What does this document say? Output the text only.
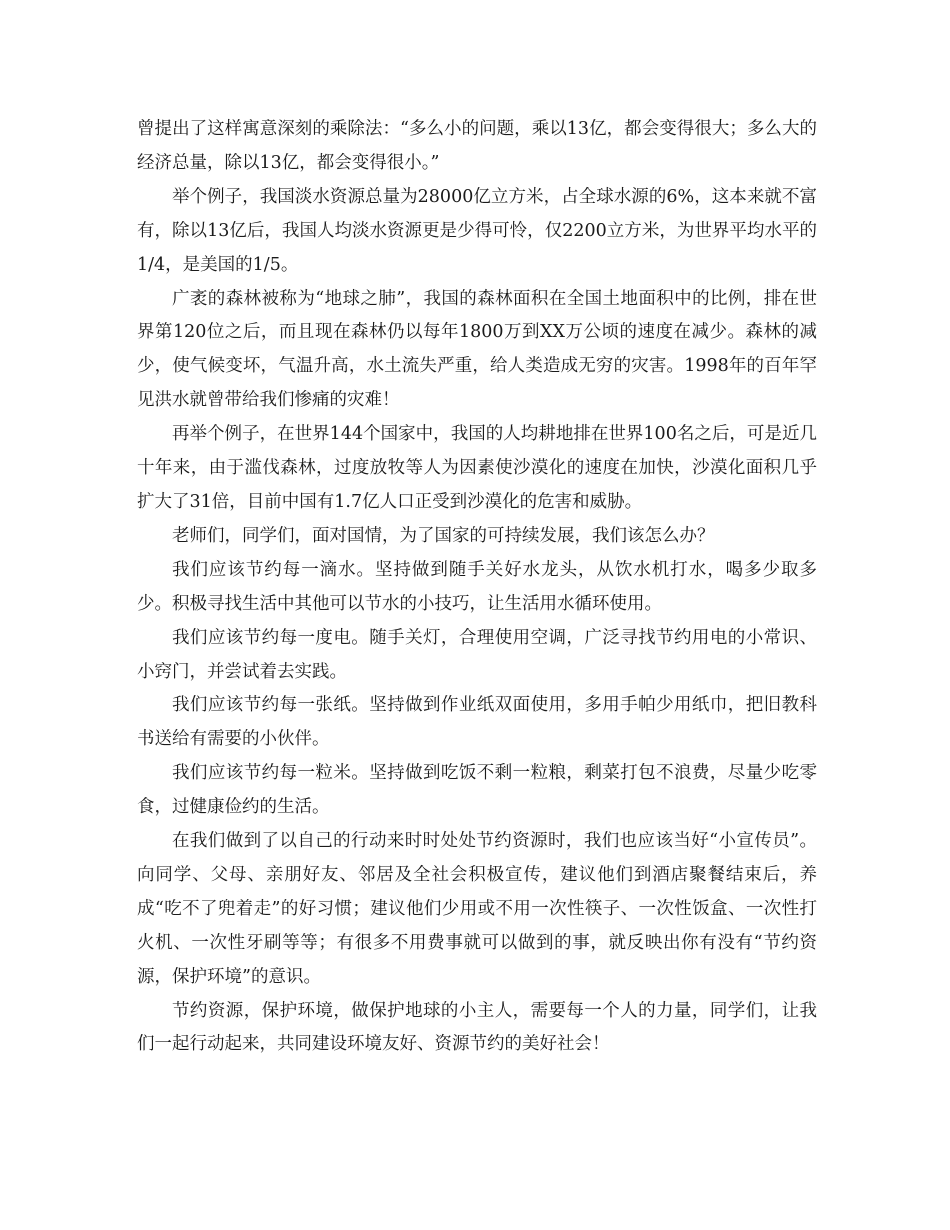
曾提出了这样寓意深刻的乘除法：“多么小的问题，乘以13亿，都会变得很大；多么大的经济总量，除以13亿，都会变得很小。”

举个例子，我国淡水资源总量为28000亿立方米，占全球水源的6%，这本来就不富有，除以13亿后，我国人均淡水资源更是少得可怜，仅2200立方米，为世界平均水平的1/4，是美国的1/5。

广袤的森林被称为“地球之肺”，我国的森林面积在全国土地面积中的比例，排在世界第120位之后，而且现在森林仍以每年1800万到XX万公顷的速度在减少。森林的减少，使气候变坏，气温升高，水土流失严重，给人类造成无穷的灾害。1998年的百年罕见洪水就曾带给我们惨痛的灾难！

再举个例子，在世界144个国家中，我国的人均耕地排在世界100名之后，可是近几十年来，由于滥伐森林，过度放牧等人为因素使沙漠化的速度在加快，沙漠化面积几乎扩大了31倍，目前中国有1.7亿人口正受到沙漠化的危害和威胁。

老师们，同学们，面对国情，为了国家的可持续发展，我们该怎么办？

我们应该节约每一滴水。坚持做到随手关好水龙头，从饮水机打水，喝多少取多少。积极寻找生活中其他可以节水的小技巧，让生活用水循环使用。

我们应该节约每一度电。随手关灯，合理使用空调，广泛寻找节约用电的小常识、小窍门，并尝试着去实践。

我们应该节约每一张纸。坚持做到作业纸双面使用，多用手帕少用纸巾，把旧教科书送给有需要的小伙伴。

我们应该节约每一粒米。坚持做到吃饭不剩一粒粮，剩菜打包不浪费，尽量少吃零食，过健康俭约的生活。

在我们做到了以自己的行动来时时处处节约资源时，我们也应该当好“小宣传员”。向同学、父母、亲朋好友、邻居及全社会积极宣传，建议他们到酒店聚餐结束后，养成“吃不了兜着走”的好习惯；建议他们少用或不用一次性筷子、一次性饭盒、一次性打火机、一次性牙刷等等；有很多不用费事就可以做到的事，就反映出你有没有“节约资源，保护环境”的意识。

节约资源，保护环境，做保护地球的小主人，需要每一个人的力量，同学们，让我们一起行动起来，共同建设环境友好、资源节约的美好社会！
